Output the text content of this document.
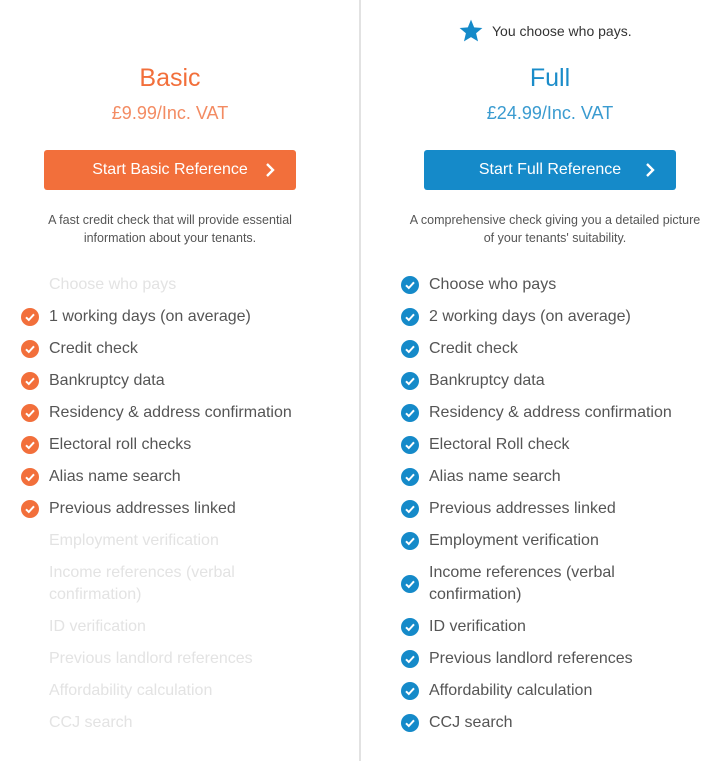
Basic
£9.99/Inc. VAT
Start Basic Reference
A fast credit check that will provide essential
information about your tenants.
Choose who pays
1 working days (on average)
Credit check
Bankruptcy data
Residency & address confirmation
Electoral roll checks
Alias name search
Previous addresses linked
Employment verification
Income references (verbal
confirmation)
ID verification
Previous landlord references
Affordability calculation
CCJ search
You choose who pays.
Full
£24.99/Inc. VAT
Start Full Reference
A comprehensive check giving you a detailed picture
of your tenants' suitability.
Choose who pays
2 working days (on average)
Credit check
Bankruptcy data
Residency & address confirmation
Electoral Roll check
Alias name search
Previous addresses linked
Employment verification
Income references (verbal
confirmation)
ID verification
Previous landlord references
Affordability calculation
CCJ search
